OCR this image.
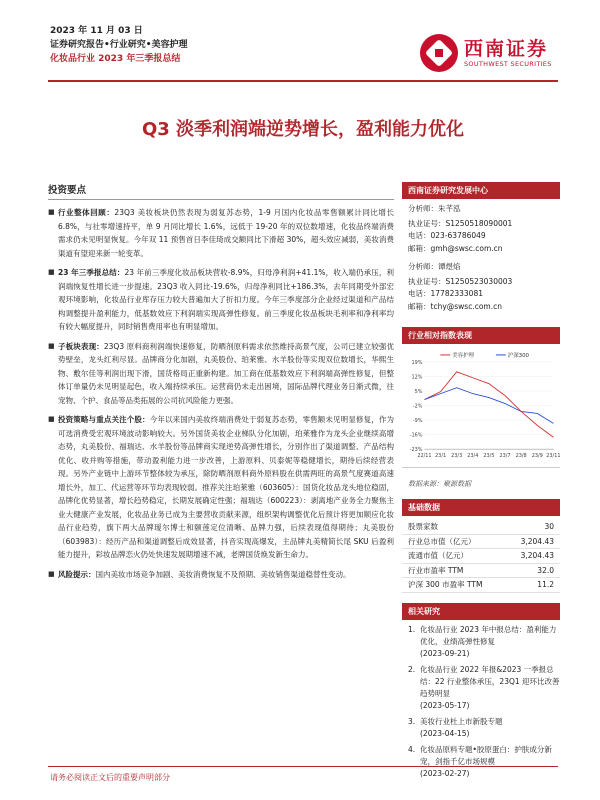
2023 年 11 月 03 日
证券研究报告•行业研究•美容护理
化妆品行业 2023 年三季报总结	西南证券
SOUTHWEST SECURITIES
Q3 淡季利润端逆势增长，盈利能力优化
投资要点
■ 行业整体回顾：23Q3 美妆板块仍然表现为弱复苏态势，1-9 月国内化妆品零售额累计同比增长 6.8%，与社零增速持平，单 9 月同比增长 1.6%，远低于 19-20 年的双位数增速，化妆品终端消费需求仍未见明显恢复。今年双 11 预售首日李佳琦成交额同比下滑超 30%，超头效应减弱，美妆消费渠道有望迎来新一轮变革。
■ 23 年三季报总结：23 年前三季度化妆品板块营收-8.9%，归母净利润+41.1%，收入端仍承压，利润端恢复性增长进一步提速。23Q3 收入同比-19.6%，归母净利同比+186.3%，去年同期受外部宏观环境影响，化妆品行业库存压力较大普遍加大了折扣力度。今年三季度部分企业经过渠道和产品结构调整提升盈利能力，低基数效应下利润端实现高弹性修复。前三季度化妆品板块毛利率和净利率均有较大幅度提升，同时销售费用率也有明显增加。
■ 子板块表现：23Q3 原料商利润端快速修复，防晒剂原料需求依然维持高景气度，公司已建立较强优势壁垒，龙头红利尽显。品牌商分化加剧，丸美股份、珀莱雅、水羊股份等实现双位数增长，华熙生物、敷尔佳等利润出现下滑，国货格局正重新构建。加工商在低基数效应下利润端高弹性修复，但整体订单量仍未见明显起色，收入端持续承压。运营商仍未走出困境，国际品牌代理业务日渐式微，往宠物、个护、食品等品类拓展的公司抗风险能力更强。
■ 投资策略与重点关注个股：今年以来国内美妆终端消费处于弱复苏态势，零售额未见明显修复，作为可选消费受宏观环境波动影响较大。另外国货美妆企业梯队分化加剧，珀莱雅作为龙头企业继续高增态势，丸美股份、福瑞达、水羊股份等品牌商实现逆势高弹性增长，分别作出了渠道调整、产品结构优化、收并购等措施，带动盈利能力进一步改善，上游原料、贝泰妮等稳健增长，期待后续经营表现。另外产业链中上游环节整体较为承压，除防晒剂原料商外原料股在供需两旺的高景气度赛道高速增长外，加工、代运营等环节均表现较弱。推荐关注珀莱雅（603605）：国货化妆品龙头地位稳固，品牌化优势显著，增长趋势稳定，长期发展确定性强；福瑞达（600223）：剥离地产业务全力聚焦主业大健康产业发展，化妆品业务已成为主要营收贡献来源，组织架构调整优化后预计将更加顺应化妆品行业趋势，旗下两大品牌瑷尔博士和颐莲定位清晰、品牌力强，后续表现值得期待；丸美股份（603983）：经历产品和渠道调整后成效显著，抖音实现高爆发，主品牌丸美精简长尾 SKU 后盈利能力提升，彩妆品牌恋火仍处快速发展期增速不减，老牌国货焕发新生命力。
■ 风险提示：国内美妆市场竞争加剧、美妆消费恢复不及预期、美妆销售渠道稳替性变动。
西南证券研究发展中心
分析师：朱芊泓
执业证号：S1250518090001
电话：023-63786049
邮箱：gmh@swsc.com.cn
分析师：谭煜焰
执业证号：S1250523030003
电话：17782333081
邮箱：tchy@swsc.com.cn
行业相对指数表现
19%
12%
5%
-2%
-9%
-16%
-23%
22/11 23/1 23/3 23/4 23/5 23/7 23/8 23/9 23/11
美容护理	沪深300
数据来源：聚源数据
基础数据
股票家数	30
行业总市值（亿元）	3,204.43
流通市值（亿元）	3,204.43
行业市盈率 TTM	32.0
沪深 300 市盈率 TTM	11.2
相关研究
1. 化妆品行业 2023 年中报总结：盈利能力优化，业绩高弹性修复
(2023-09-21)
2. 化妆品行业 2022 年报&2023 一季报总结：22 行业整体承压，23Q1 迎环比改善趋势明显
(2023-05-17)
3. 美妆行业杜上市新股专题
(2023-04-15)
4. 化妆品原料专题•胶原蛋白：护肤成分新宠，剑指千亿市场规模
(2023-02-27)
请务必阅读正文后的重要声明部分
